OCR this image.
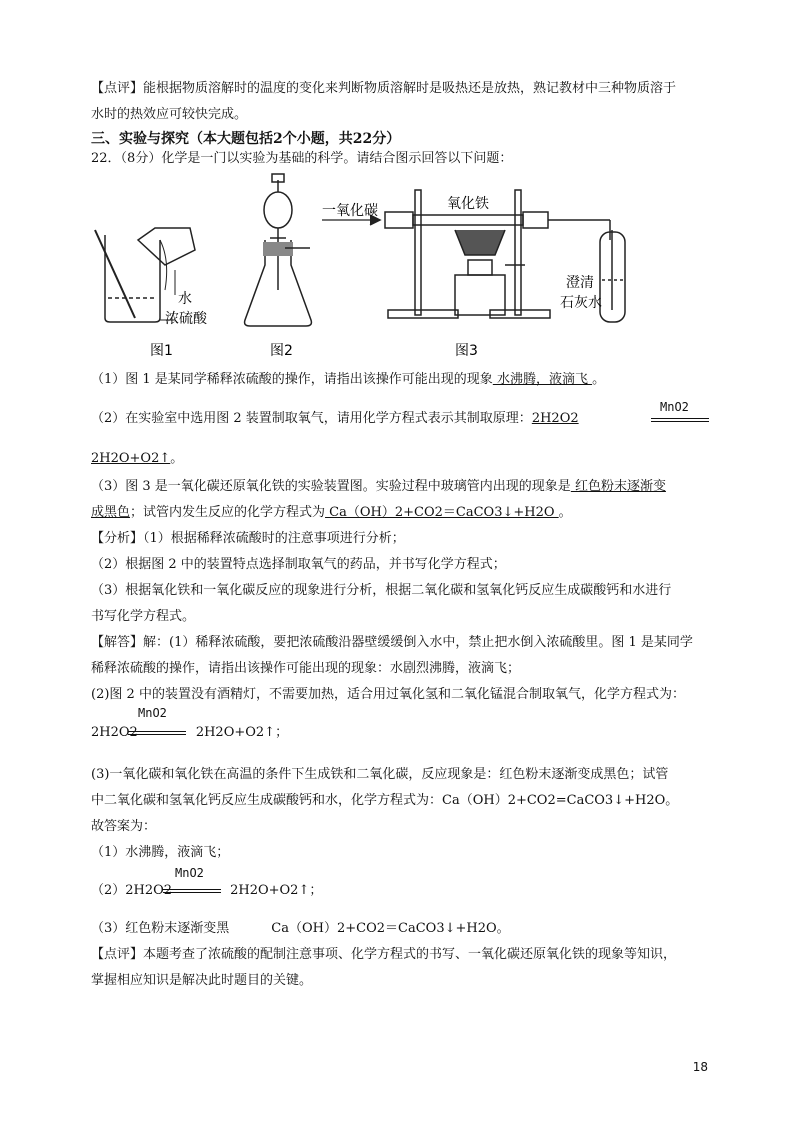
【点评】能根据物质溶解时的温度的变化来判断物质溶解时是吸热还是放热，熟记教材中三种物质溶于
水时的热效应可较快完成。
三、实验与探究（本大题包括2个小题，共22分）
22．（8分）化学是一门以实验为基础的科学。请结合图示回答以下问题：
水
浓硫酸
一氧化碳	氧化铁
澄清
石灰水
图1	图2	图3
（1）图 1 是某同学稀释浓硫酸的操作，请指出该操作可能出现的现象 水沸腾，液滴飞 。
（2）在实验室中选用图 2 装置制取氧气，请用化学方程式表示其制取原理：2H2O2
MnO2
2H2O+O2↑。
（3）图 3 是一氧化碳还原氧化铁的实验装置图。实验过程中玻璃管内出现的现象是 红色粉末逐渐变
成黑色；试管内发生反应的化学方程式为 Ca（OH）2+CO2＝CaCO3↓+H2O 。
【分析】（1）根据稀释浓硫酸时的注意事项进行分析；
（2）根据图 2 中的装置特点选择制取氧气的药品，并书写化学方程式；
（3）根据氧化铁和一氧化碳反应的现象进行分析，根据二氧化碳和氢氧化钙反应生成碳酸钙和水进行
书写化学方程式。
【解答】解：(1）稀释浓硫酸，要把浓硫酸沿器壁缓缓倒入水中，禁止把水倒入浓硫酸里。图 1 是某同学
稀释浓硫酸的操作，请指出该操作可能出现的现象：水剧烈沸腾，液滴飞；
(2)图 2 中的装置没有酒精灯，不需要加热，适合用过氧化氢和二氧化锰混合制取氧气，化学方程式为：
MnO2
2H2O2	2H2O+O2↑；
(3)一氧化碳和氧化铁在高温的条件下生成铁和二氧化碳，反应现象是：红色粉末逐渐变成黑色；试管
中二氧化碳和氢氧化钙反应生成碳酸钙和水，化学方程式为：Ca（OH）2+CO2=CaCO3↓+H2O。
故答案为：
（1）水沸腾，液滴飞；
MnO2
（2）2H2O2	2H2O+O2↑；
（3）红色粉末逐渐变黑	Ca（OH）2+CO2＝CaCO3↓+H2O。
【点评】本题考查了浓硫酸的配制注意事项、化学方程式的书写、一氧化碳还原氧化铁的现象等知识，
掌握相应知识是解决此时题目的关键。
18
